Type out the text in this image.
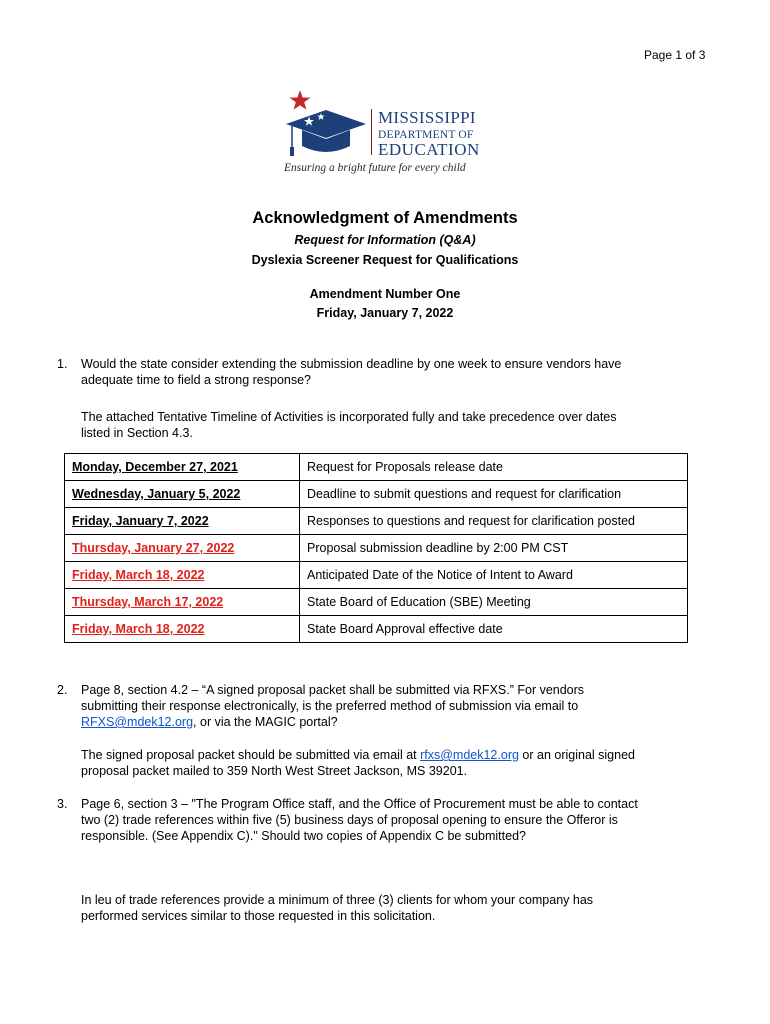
Page 1 of 3
MISSISSIPPI
DEPARTMENT OF
EDUCATION
Ensuring a bright future for every child
Acknowledgment of Amendments
Request for Information (Q&A)
Dyslexia Screener Request for Qualifications
Amendment Number One
Friday, January 7, 2022
1. Would the state consider extending the submission deadline by one week to ensure vendors have
adequate time to field a strong response?
The attached Tentative Timeline of Activities is incorporated fully and take precedence over dates
listed in Section 4.3.
Monday, December 27, 2021	Request for Proposals release date
Wednesday, January 5, 2022	Deadline to submit questions and request for clarification
Friday, January 7, 2022	Responses to questions and request for clarification posted
Thursday, January 27, 2022	Proposal submission deadline by 2:00 PM CST
Friday, March 18, 2022	Anticipated Date of the Notice of Intent to Award
Thursday, March 17, 2022	State Board of Education (SBE) Meeting
Friday, March 18, 2022	State Board Approval effective date
2. Page 8, section 4.2 – “A signed proposal packet shall be submitted via RFXS.” For vendors
submitting their response electronically, is the preferred method of submission via email to
RFXS@mdek12.org, or via the MAGIC portal?
The signed proposal packet should be submitted via email at rfxs@mdek12.org or an original signed
proposal packet mailed to 359 North West Street Jackson, MS 39201.
3. Page 6, section 3 – "The Program Office staff, and the Office of Procurement must be able to contact
two (2) trade references within five (5) business days of proposal opening to ensure the Offeror is
responsible. (See Appendix C)." Should two copies of Appendix C be submitted?
In leu of trade references provide a minimum of three (3) clients for whom your company has
performed services similar to those requested in this solicitation.
